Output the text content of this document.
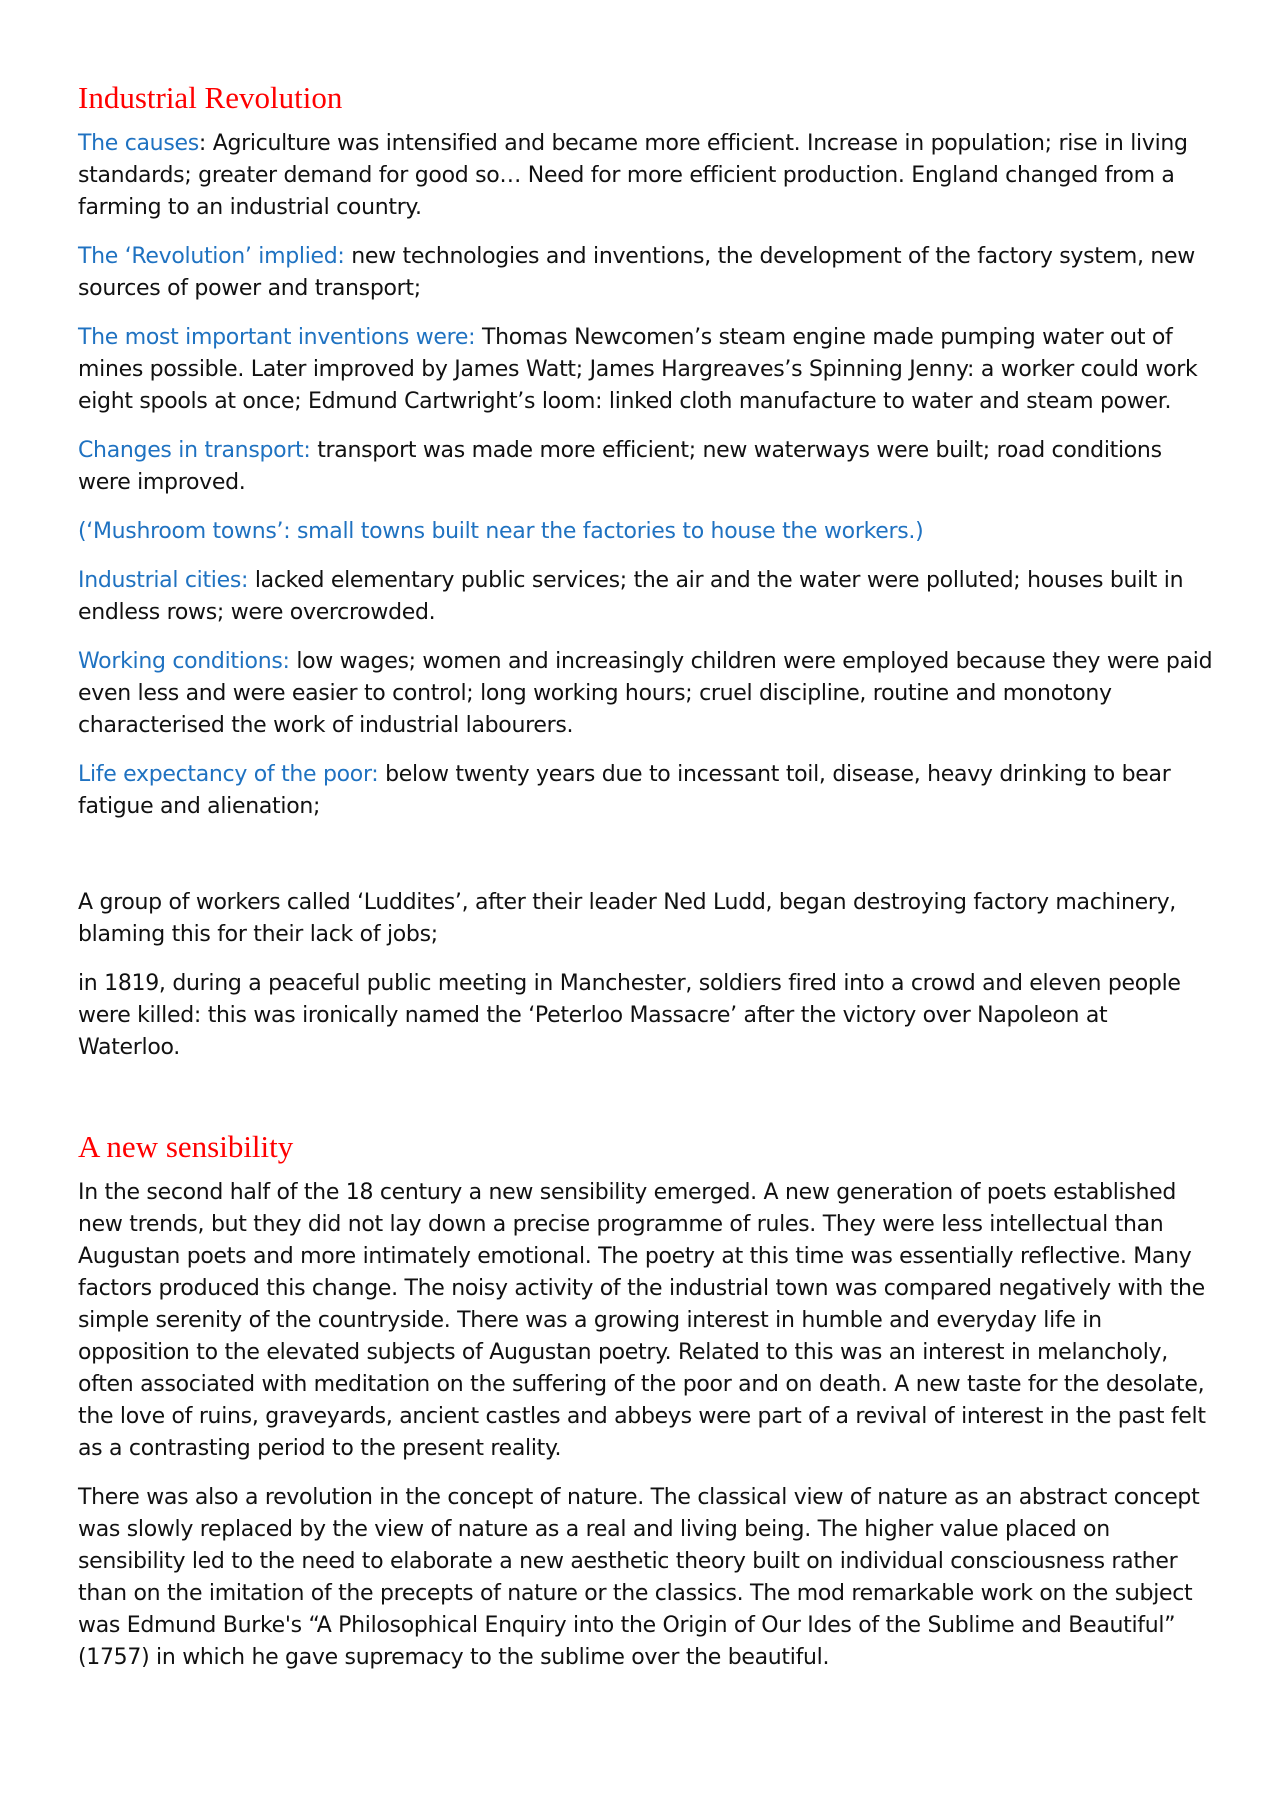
Industrial Revolution

The causes: Agriculture was intensified and became more efficient. Increase in population; rise in living standards; greater demand for good so… Need for more efficient production. England changed from a farming to an industrial country.

The ‘Revolution’ implied: new technologies and inventions, the development of the factory system, new sources of power and transport;

The most important inventions were: Thomas Newcomen’s steam engine made pumping water out of mines possible. Later improved by James Watt; James Hargreaves’s Spinning Jenny: a worker could work eight spools at once; Edmund Cartwright’s loom: linked cloth manufacture to water and steam power.

Changes in transport: transport was made more efficient; new waterways were built; road conditions were improved.

(‘Mushroom towns’: small towns built near the factories to house the workers.)

Industrial cities: lacked elementary public services; the air and the water were polluted; houses built in endless rows; were overcrowded.

Working conditions: low wages; women and increasingly children were employed because they were paid even less and were easier to control; long working hours; cruel discipline, routine and monotony characterised the work of industrial labourers.

Life expectancy of the poor: below twenty years due to incessant toil, disease, heavy drinking to bear fatigue and alienation;

A group of workers called ‘Luddites’, after their leader Ned Ludd, began destroying factory machinery, blaming this for their lack of jobs;

in 1819, during a peaceful public meeting in Manchester, soldiers fired into a crowd and eleven people were killed: this was ironically named the ‘Peterloo Massacre’ after the victory over Napoleon at Waterloo.

A new sensibility

In the second half of the 18 century a new sensibility emerged. A new generation of poets established new trends, but they did not lay down a precise programme of rules. They were less intellectual than Augustan poets and more intimately emotional. The poetry at this time was essentially reflective. Many factors produced this change. The noisy activity of the industrial town was compared negatively with the simple serenity of the countryside. There was a growing interest in humble and everyday life in opposition to the elevated subjects of Augustan poetry. Related to this was an interest in melancholy, often associated with meditation on the suffering of the poor and on death. A new taste for the desolate, the love of ruins, graveyards, ancient castles and abbeys were part of a revival of interest in the past felt as a contrasting period to the present reality.

There was also a revolution in the concept of nature. The classical view of nature as an abstract concept was slowly replaced by the view of nature as a real and living being. The higher value placed on sensibility led to the need to elaborate a new aesthetic theory built on individual consciousness rather than on the imitation of the precepts of nature or the classics. The mod remarkable work on the subject was Edmund Burke's “A Philosophical Enquiry into the Origin of Our Ides of the Sublime and Beautiful” (1757) in which he gave supremacy to the sublime over the beautiful.
